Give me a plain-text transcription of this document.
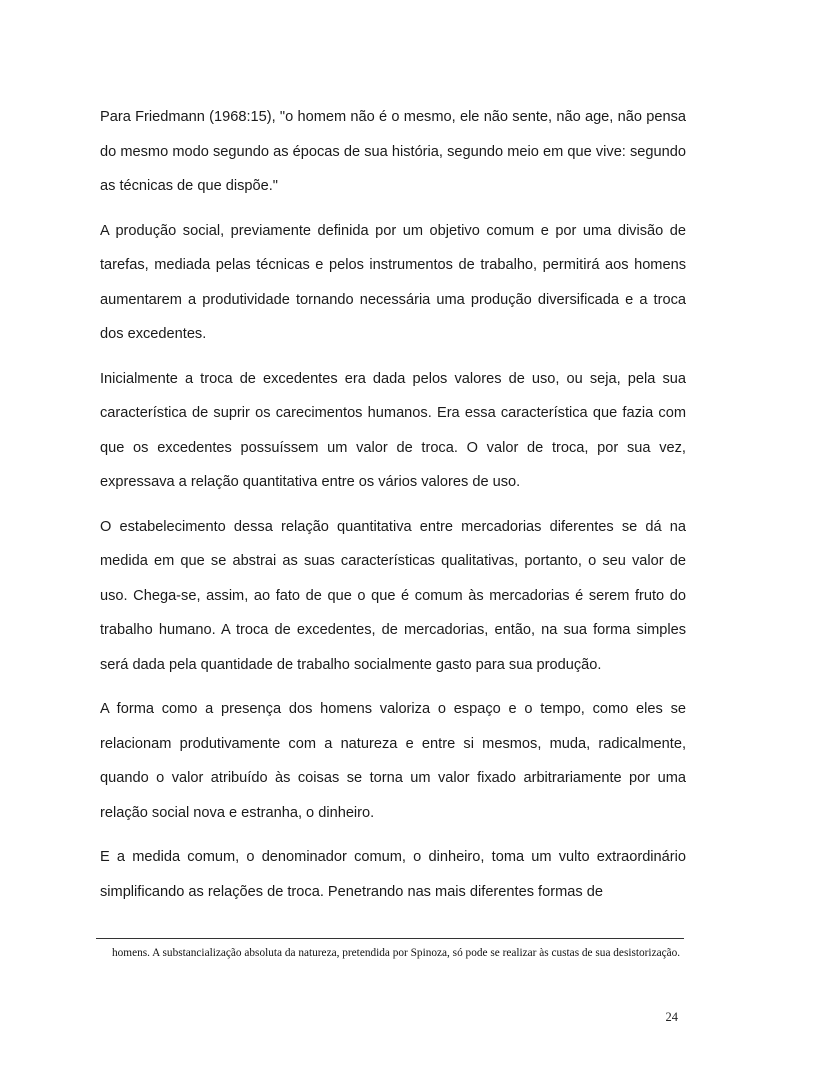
Para Friedmann (1968:15), "o homem não é o mesmo, ele não sente, não age, não pensa do mesmo modo segundo as épocas de sua história, segundo meio em que vive: segundo as técnicas de que dispõe."

A produção social, previamente definida por um objetivo comum e por uma divisão de tarefas, mediada pelas técnicas e pelos instrumentos de trabalho, permitirá aos homens aumentarem a produtividade tornando necessária uma produção diversificada e a troca dos excedentes.

Inicialmente a troca de excedentes era dada pelos valores de uso, ou seja, pela sua característica de suprir os carecimentos humanos. Era essa característica que fazia com que os excedentes possuíssem um valor de troca. O valor de troca, por sua vez, expressava a relação quantitativa entre os vários valores de uso.

O estabelecimento dessa relação quantitativa entre mercadorias diferentes se dá na medida em que se abstrai as suas características qualitativas, portanto, o seu valor de uso. Chega-se, assim, ao fato de que o que é comum às mercadorias é serem fruto do trabalho humano. A troca de excedentes, de mercadorias, então, na sua forma simples será dada pela quantidade de trabalho socialmente gasto para sua produção.

A forma como a presença dos homens valoriza o espaço e o tempo, como eles se relacionam produtivamente com a natureza e entre si mesmos, muda, radicalmente, quando o valor atribuído às coisas se torna um valor fixado arbitrariamente por uma relação social nova e estranha, o dinheiro.

E a medida comum, o denominador comum, o dinheiro, toma um vulto extraordinário simplificando as relações de troca. Penetrando nas mais diferentes formas de

homens. A substancialização absoluta da natureza, pretendida por Spinoza, só pode se realizar às custas de sua desistorização.
24
